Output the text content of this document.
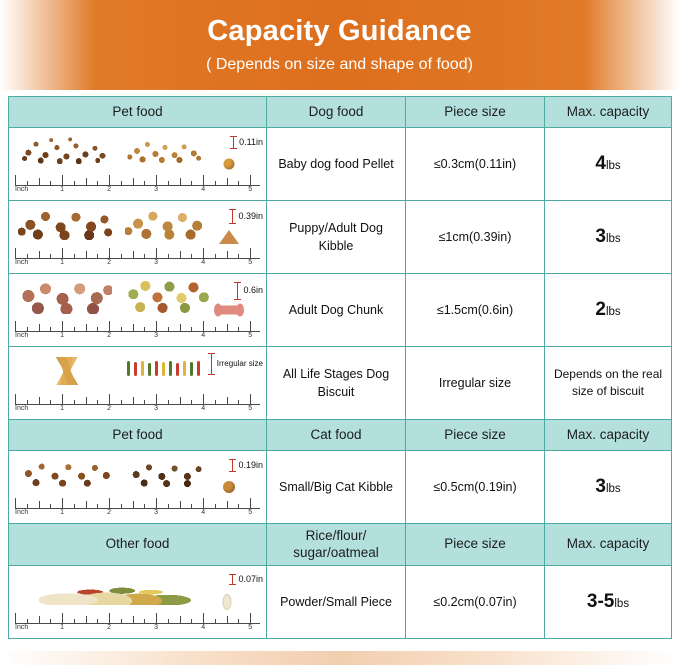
Capacity Guidance
( Depends on size and shape of food)
Pet food	Dog food	Piece size	Max. capacity

0.11in
Inch	1	2	3	4	5
	Baby dog food Pellet	≤0.3cm(0.11in)	4lbs

0.39in
Inch	1	2	3	4	5
	Puppy/Adult Dog Kibble	≤1cm(0.39in)	3lbs

0.6in
Inch	1	2	3	4	5
	Adult Dog Chunk	≤1.5cm(0.6in)	2lbs

Irregular size
Inch	1	2	3	4	5
	All Life Stages Dog Biscuit	Irregular size	Depends on the real size of biscuit
Pet food	Cat food	Piece size	Max. capacity

0.19in
Inch	1	2	3	4	5
	Small/Big Cat Kibble	≤0.5cm(0.19in)	3lbs
Other food	Rice/flour/ sugar/oatmeal	Piece size	Max. capacity

0.07in
Inch	1	2	3	4	5
	Powder/Small Piece	≤0.2cm(0.07in)	3-5lbs
